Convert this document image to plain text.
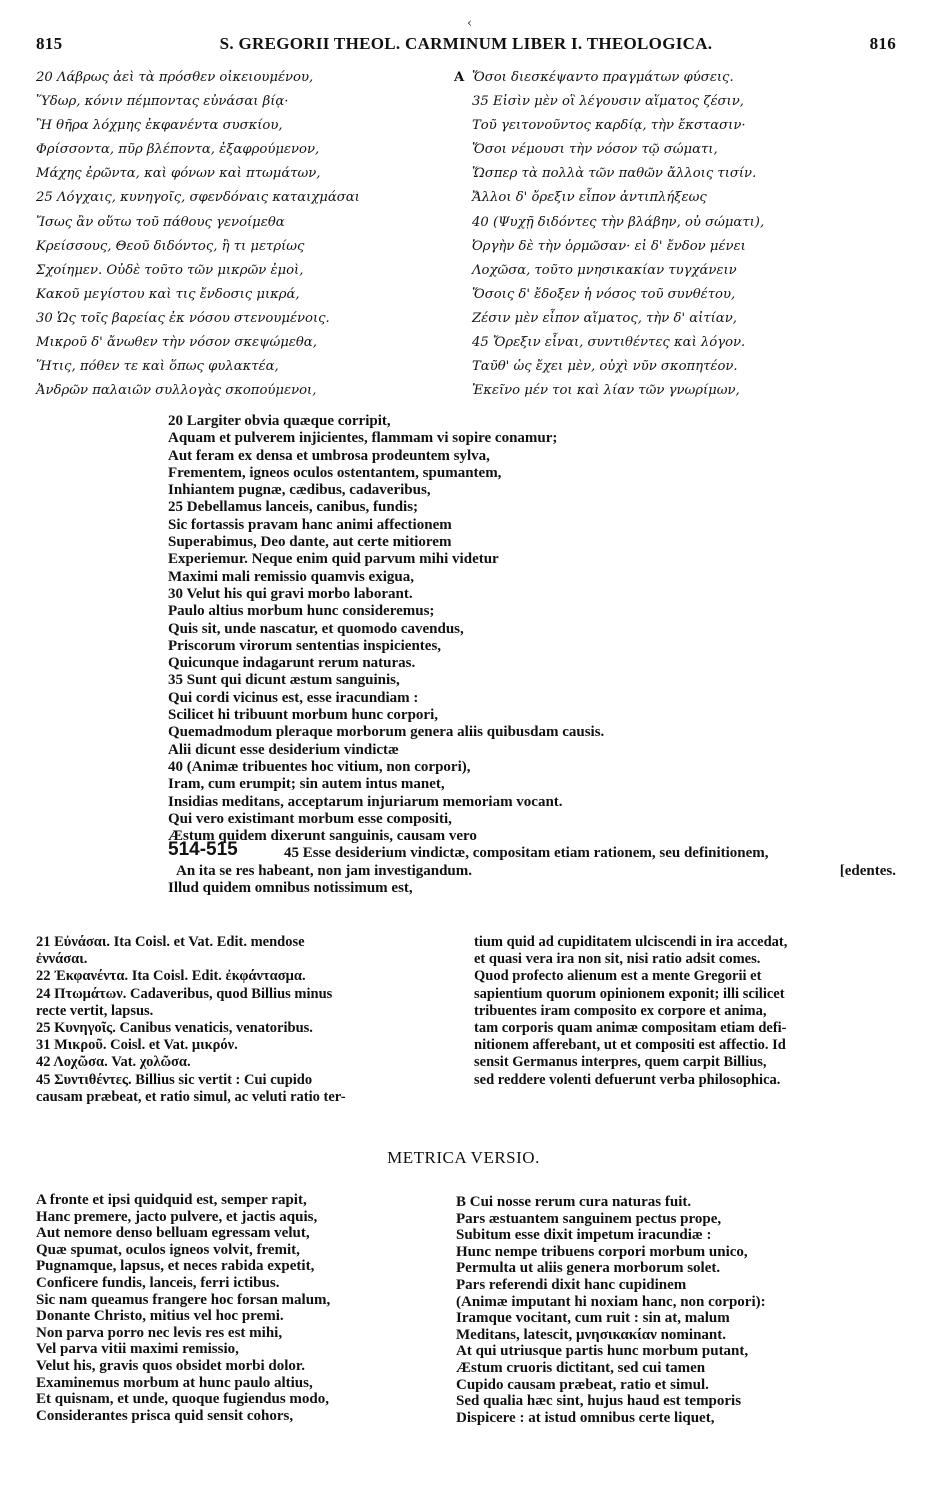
815	S. GREGORII THEOL. CARMINUM LIBER I. THEOLOGICA.	816
‹
20 Λάβρως ἀεὶ τὰ πρόσθεν οἰκειουμένου,
Ὕδωρ, κόνιν πέμποντας εὐνάσαι βίᾳ·
Ἢ θῆρα λόχμης ἐκφανέντα συσκίου,
Φρίσσοντα, πῦρ βλέποντα, ἐξαφρούμενον,
Μάχης ἐρῶντα, καὶ φόνων καὶ πτωμάτων,
25 Λόγχαις, κυνηγοῖς, σφενδόναις καταιχμάσαι
Ἴσως ἂν οὕτω τοῦ πάθους γενοίμεθα
Κρείσσους, Θεοῦ διδόντος, ἢ τι μετρίως
Σχοίημεν. Οὐδὲ τοῦτο τῶν μικρῶν ἐμοὶ,
Κακοῦ μεγίστου καὶ τις ἔνδοσις μικρά,
30 Ὡς τοῖς βαρείας ἐκ νόσου στενουμένοις.
Μικροῦ δ' ἄνωθεν τὴν νόσον σκεψώμεθα,
Ἥτις, πόθεν τε καὶ ὅπως φυλακτέα,
Ἀνδρῶν παλαιῶν συλλογὰς σκοπούμενοι,
A Ὅσοι διεσκέψαντο πραγμάτων φύσεις.
35 Εἰσὶν μὲν οἳ λέγουσιν αἵματος ζέσιν,
Τοῦ γειτονοῦντος καρδίᾳ, τὴν ἔκστασιν·
Ὅσοι νέμουσι τὴν νόσον τῷ σώματι,
Ὥσπερ τὰ πολλὰ τῶν παθῶν ἄλλοις τισίν.
Ἄλλοι δ' ὄρεξιν εἶπον ἀντιπλήξεως
40 (Ψυχῇ διδόντες τὴν βλάβην, οὐ σώματι),
Ὀργὴν δὲ τὴν ὁρμῶσαν· εἰ δ' ἔνδον μένει
Λοχῶσα, τοῦτο μνησικακίαν τυγχάνειν
Ὅσοις δ' ἔδοξεν ἡ νόσος τοῦ συνθέτου,
Ζέσιν μὲν εἶπον αἵματος, τὴν δ' αἰτίαν,
45 Ὄρεξιν εἶναι, συντιθέντες καὶ λόγον.
Ταῦθ' ὡς ἔχει μὲν, οὐχὶ νῦν σκοπητέον.
Ἐκεῖνο μέν τοι καὶ λίαν τῶν γνωρίμων,
20 Largiter obvia quæque corripit,
Aquam et pulverem injicientes, flammam vi sopire conamur;
Aut feram ex densa et umbrosa prodeuntem sylva,
Frementem, igneos oculos ostentantem, spumantem,
Inhiantem pugnæ, cædibus, cadaveribus,
25 Debellamus lanceis, canibus, fundis;
Sic fortassis pravam hanc animi affectionem
Superabimus, Deo dante, aut certe mitiorem
Experiemur. Neque enim quid parvum mihi videtur
Maximi mali remissio quamvis exigua,
30 Velut his qui gravi morbo laborant.
Paulo altius morbum hunc consideremus;
Quis sit, unde nascatur, et quomodo cavendus,
Priscorum virorum sententias inspicientes,
Quicunque indagarunt rerum naturas.
35 Sunt qui dicunt æstum sanguinis,
Qui cordi vicinus est, esse iracundiam :
Scilicet hi tribuunt morbum hunc corpori,
Quemadmodum pleraque morborum genera aliis quibusdam causis.
Alii dicunt esse desiderium vindictæ
40 (Animæ tribuentes hoc vitium, non corpori),
Iram, cum erumpit; sin autem intus manet,
Insidias meditans, acceptarum injuriarum memoriam vocant.
Qui vero existimant morbum esse compositi,
Æstum quidem dixerunt sanguinis, causam vero
514-515	45 Esse desiderium vindictæ, compositam etiam rationem, seu definitionem,
An ita se res habeant, non jam investigandum.	[edentes.
Illud quidem omnibus notissimum est,
21 Εὐνάσαι. Ita Coisl. et Vat. Edit. mendose
ἐννάσαι.
22 Ἐκφανέντα. Ita Coisl. Edit. ἐκφάντασμα.
24 Πτωμάτων. Cadaveribus, quod Billius minus
recte vertit, lapsus.
25 Κυνηγοῖς. Canibus venaticis, venatoribus.
31 Μικροῦ. Coisl. et Vat. μικρόν.
42 Λοχῶσα. Vat. χολῶσα.
45 Συντιθέντες. Billius sic vertit : Cui cupido
causam præbeat, et ratio simul, ac veluti ratio ter-
tium quid ad cupiditatem ulciscendi in ira accedat,
et quasi vera ira non sit, nisi ratio adsit comes.
Quod profecto alienum est a mente Gregorii et
sapientium quorum opinionem exponit; illi scilicet
tribuentes iram composito ex corpore et anima,
tam corporis quam animæ compositam etiam defi-
nitionem afferebant, ut et compositi est affectio. Id
sensit Germanus interpres, quem carpit Billius,
sed reddere volenti defuerunt verba philosophica.
METRICA VERSIO.
A fronte et ipsi quidquid est, semper rapit,
Hanc premere, jacto pulvere, et jactis aquis,
Aut nemore denso belluam egressam velut,
Quæ spumat, oculos igneos volvit, fremit,
Pugnamque, lapsus, et neces rabida expetit,
Conficere fundis, lanceis, ferri ictibus.
Sic nam queamus frangere hoc forsan malum,
Donante Christo, mitius vel hoc premi.
Non parva porro nec levis res est mihi,
Vel parva vitii maximi remissio,
Velut his, gravis quos obsidet morbi dolor.
Examinemus morbum at hunc paulo altius,
Et quisnam, et unde, quoque fugiendus modo,
Considerantes prisca quid sensit cohors,
B Cui nosse rerum cura naturas fuit.
Pars æstuantem sanguinem pectus prope,
Subitum esse dixit impetum iracundiæ :
Hunc nempe tribuens corpori morbum unico,
Permulta ut aliis genera morborum solet.
Pars referendi dixit hanc cupidinem
(Animæ imputant hi noxiam hanc, non corpori):
Iramque vocitant, cum ruit : sin at, malum
Meditans, latescit, μνησικακίαν nominant.
At qui utriusque partis hunc morbum putant,
Æstum cruoris dictitant, sed cui tamen
Cupido causam præbeat, ratio et simul.
Sed qualia hæc sint, hujus haud est temporis
Dispicere : at istud omnibus certe liquet,
